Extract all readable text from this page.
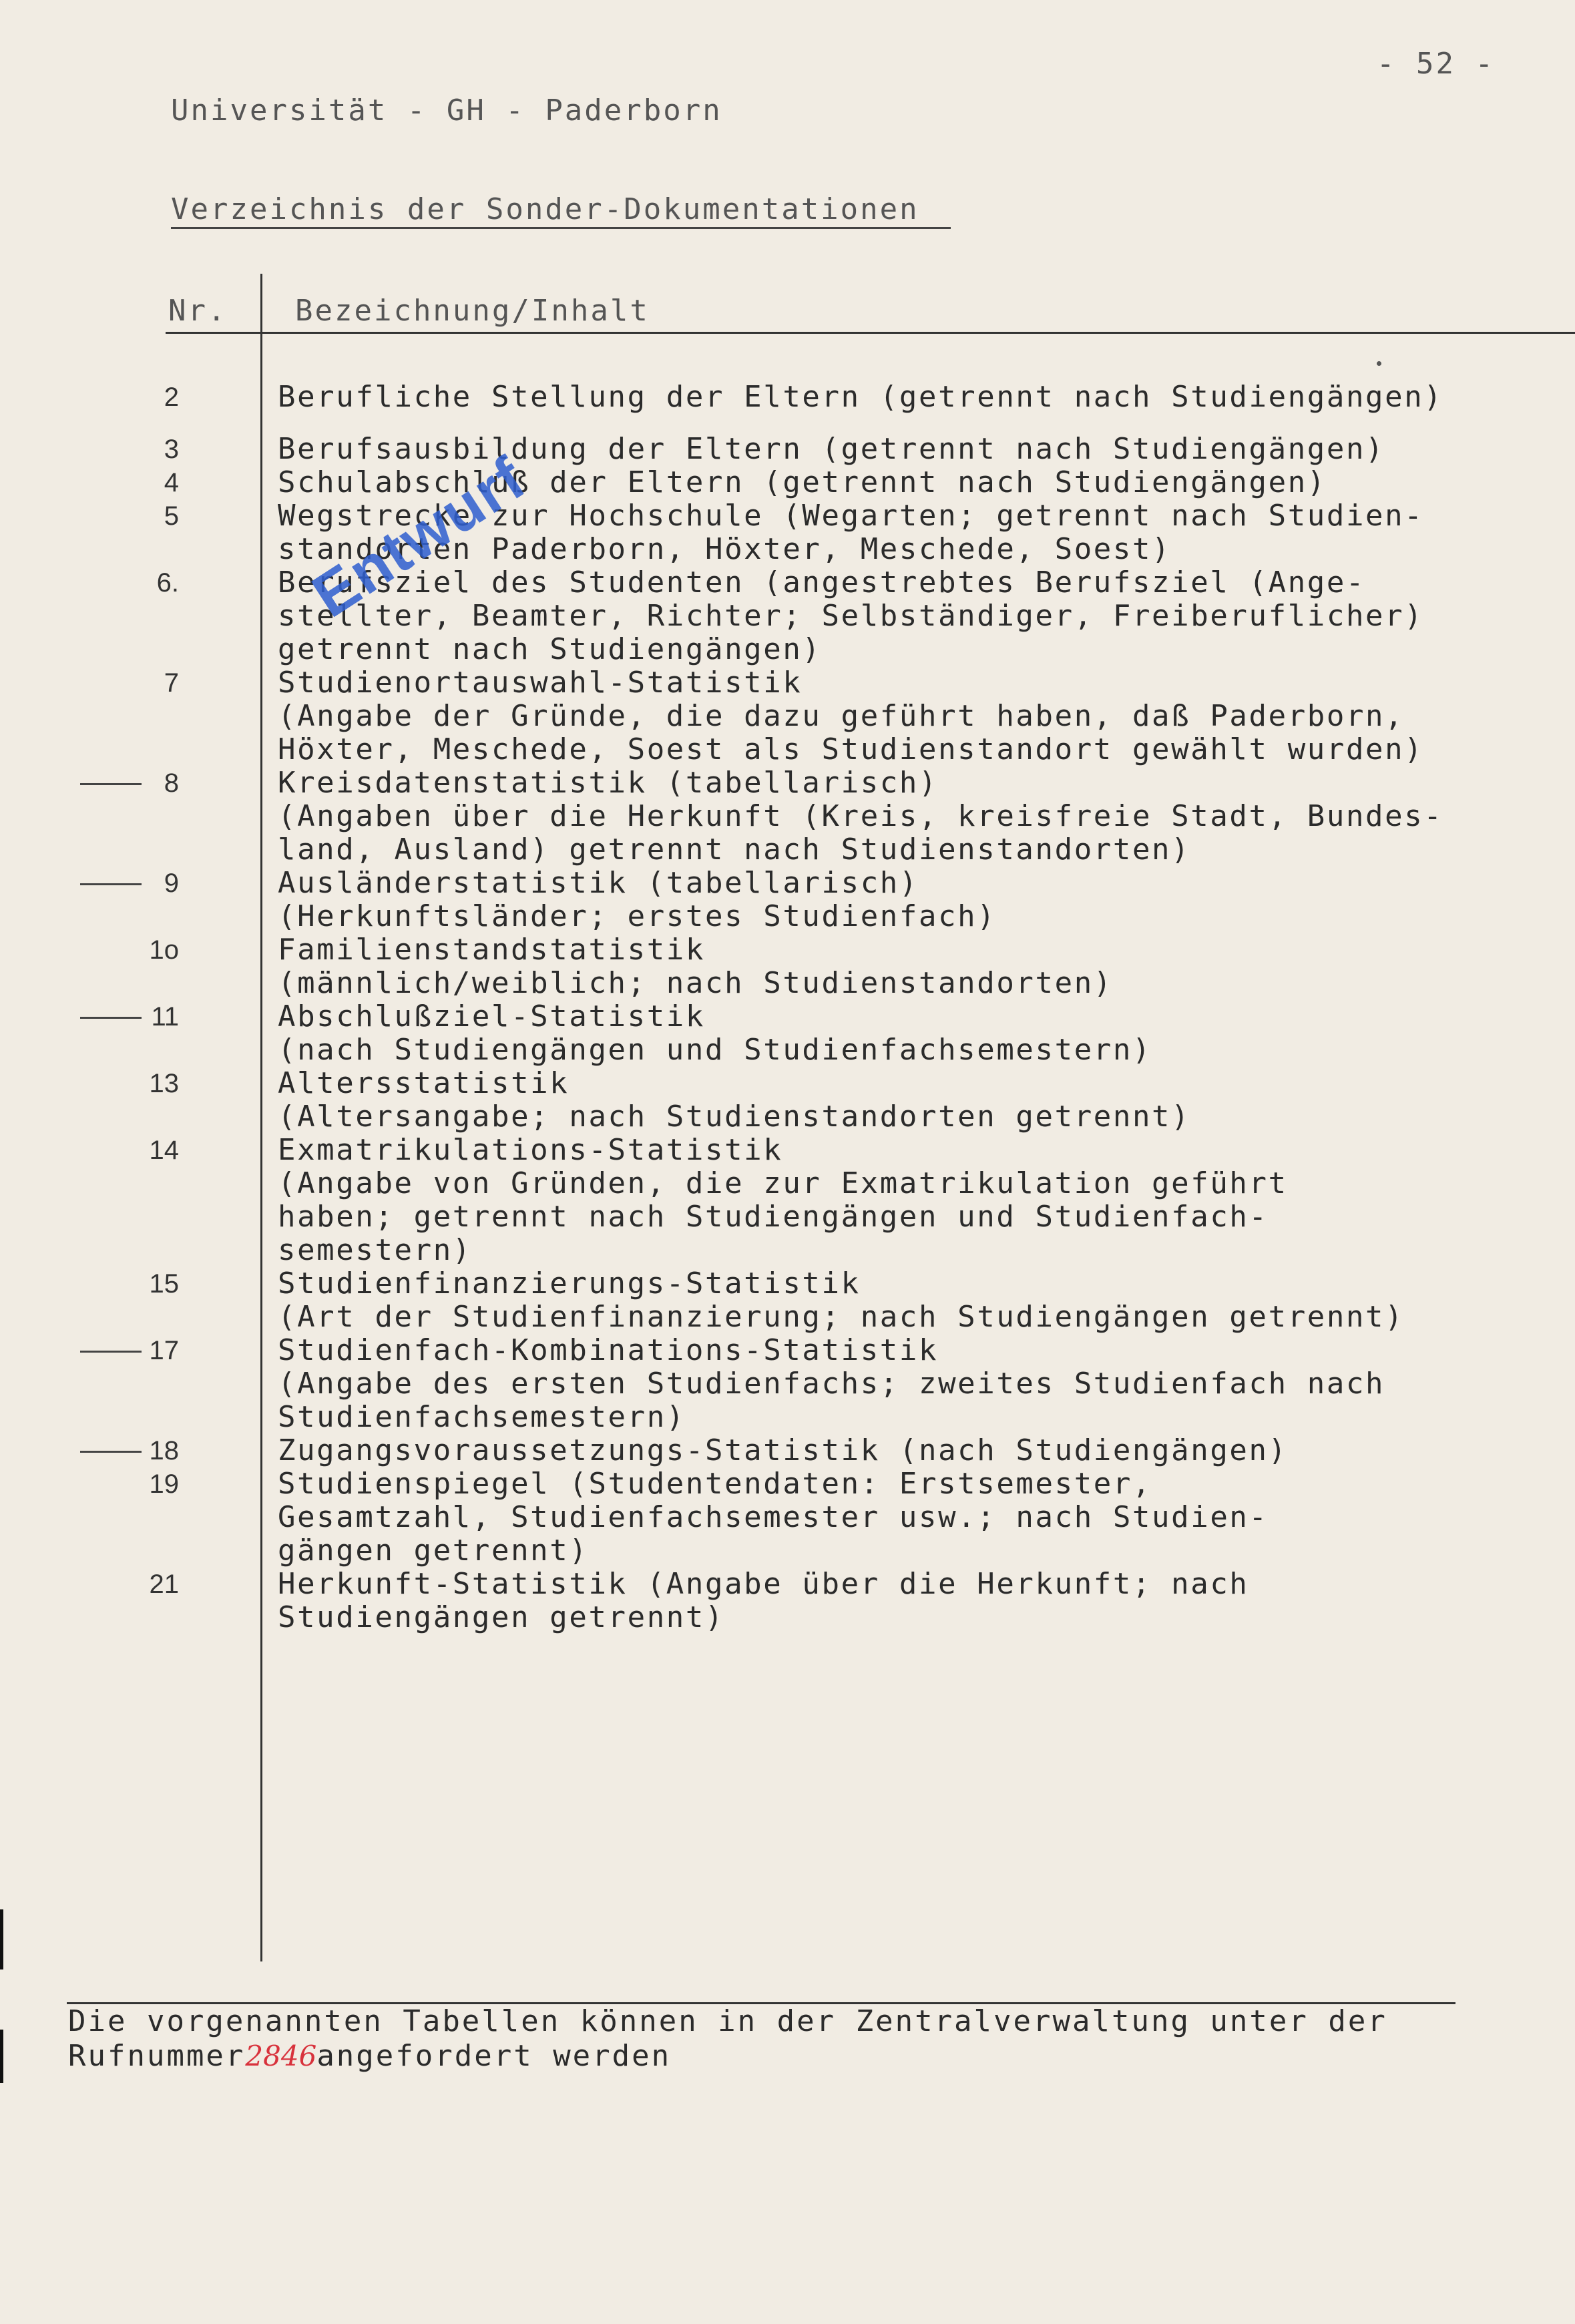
- 52 -
Universität - GH - Paderborn
Verzeichnis der Sonder-Dokumentationen
Nr. Bezeichnung/Inhalt
2	Berufliche Stellung der Eltern (getrennt nach Studiengängen)
3	Berufsausbildung der Eltern (getrennt nach Studiengängen)
4	Schulabschluß der Eltern (getrennt nach Studiengängen)
5	Wegstrecke zur Hochschule (Wegarten; getrennt nach Studien-
standorten Paderborn, Höxter, Meschede, Soest)
6.	Berufsziel des Studenten (angestrebtes Berufsziel (Ange-
stellter, Beamter, Richter; Selbständiger, Freiberuflicher)
getrennt nach Studiengängen)
7	Studienortauswahl-Statistik
(Angabe der Gründe, die dazu geführt haben, daß Paderborn,
Höxter, Meschede, Soest als Studienstandort gewählt wurden)
8	Kreisdatenstatistik (tabellarisch)
(Angaben über die Herkunft (Kreis, kreisfreie Stadt, Bundes-
land, Ausland) getrennt nach Studienstandorten)
9	Ausländerstatistik (tabellarisch)
(Herkunftsländer; erstes Studienfach)
1o	Familienstandstatistik
(männlich/weiblich; nach Studienstandorten)
11	Abschlußziel-Statistik
(nach Studiengängen und Studienfachsemestern)
13	Altersstatistik
(Altersangabe; nach Studienstandorten getrennt)
14	Exmatrikulations-Statistik
(Angabe von Gründen, die zur Exmatrikulation geführt
haben; getrennt nach Studiengängen und Studienfach-
semestern)
15	Studienfinanzierungs-Statistik
(Art der Studienfinanzierung; nach Studiengängen getrennt)
17	Studienfach-Kombinations-Statistik
(Angabe des ersten Studienfachs; zweites Studienfach nach
Studienfachsemestern)
18	Zugangsvoraussetzungs-Statistik (nach Studiengängen)
19	Studienspiegel (Studentendaten: Erstsemester,
Gesamtzahl, Studienfachsemester usw.; nach Studien-
gängen getrennt)
21	Herkunft-Statistik (Angabe über die Herkunft; nach
Studiengängen getrennt)
Entwurf
Die vorgenannten Tabellen können in der Zentralverwaltung unter der
Rufnummer2846angefordert werden
